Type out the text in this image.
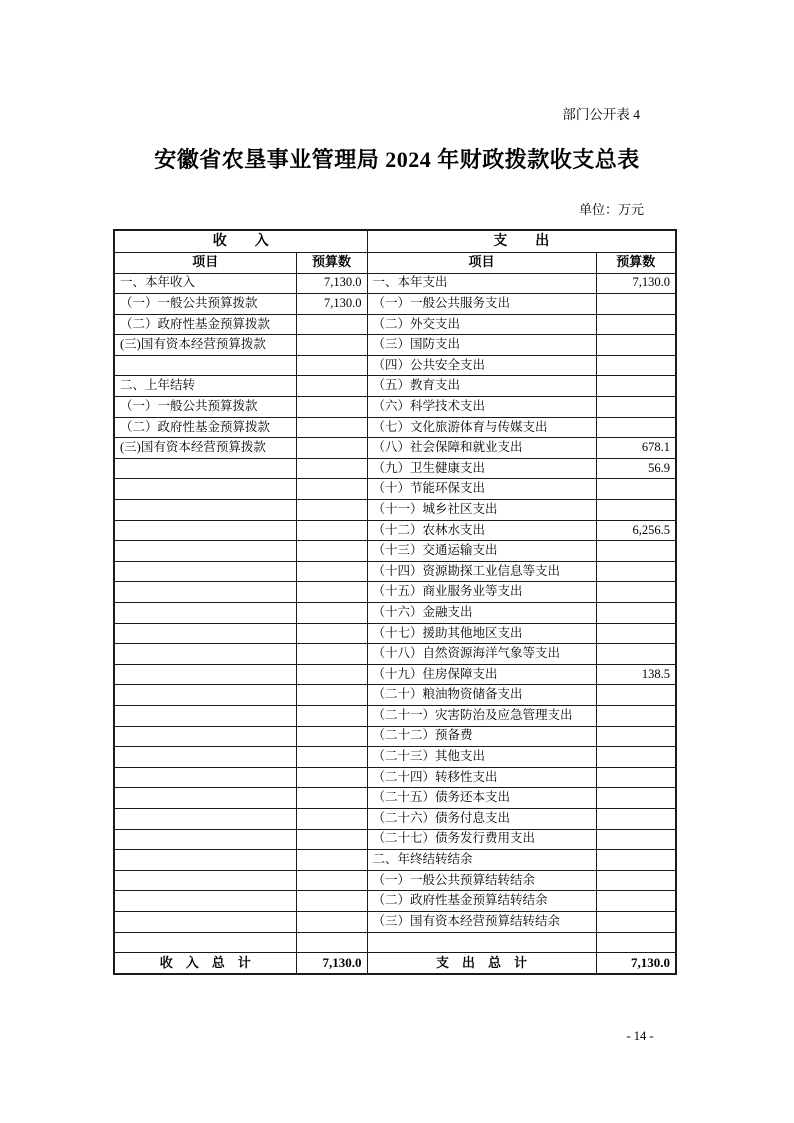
部门公开表 4
安徽省农垦事业管理局 2024 年财政拨款收支总表
单位：万元
收　　入		支　　出	
项目	预算数	项目	预算数
一、本年收入	7,130.0	一、本年支出	7,130.0
（一）一般公共预算拨款	7,130.0	（一）一般公共服务支出	
（二）政府性基金预算拨款		（二）外交支出	
(三)国有资本经营预算拨款		（三）国防支出	
		（四）公共安全支出	
二、上年结转		（五）教育支出	
（一）一般公共预算拨款		（六）科学技术支出	
（二）政府性基金预算拨款		（七）文化旅游体育与传媒支出	
(三)国有资本经营预算拨款		（八）社会保障和就业支出	678.1
		（九）卫生健康支出	56.9
		（十）节能环保支出	
		（十一）城乡社区支出	
		（十二）农林水支出	6,256.5
		（十三）交通运输支出	
		（十四）资源勘探工业信息等支出	
		（十五）商业服务业等支出	
		（十六）金融支出	
		（十七）援助其他地区支出	
		（十八）自然资源海洋气象等支出	
		（十九）住房保障支出	138.5
		（二十）粮油物资储备支出	
		（二十一）灾害防治及应急管理支出	
		（二十二）预备费	
		（二十三）其他支出	
		（二十四）转移性支出	
		（二十五）债务还本支出	
		（二十六）债务付息支出	
		（二十七）债务发行费用支出	
		二、年终结转结余	
		（一）一般公共预算结转结余	
		（二）政府性基金预算结转结余	
		（三）国有资本经营预算结转结余	

收　入　总　计	7,130.0	支　出　总　计	7,130.0
- 14 -
